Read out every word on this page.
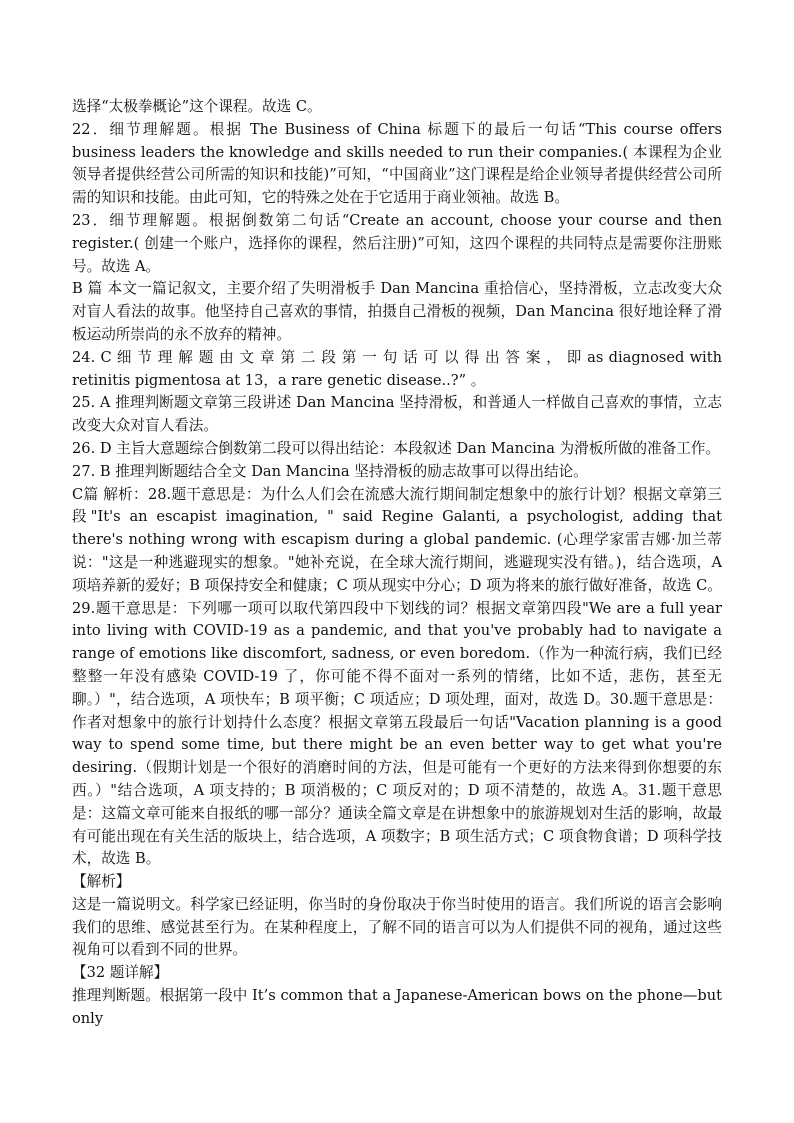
选择“太极拳概论”这个课程。故选 C。

22．细节理解题。根据 The Business of China 标题下的最后一句话“This course offers business leaders the knowledge and skills needed to run their companies.( 本课程为企业领导者提供经营公司所需的知识和技能)”可知，“中国商业”这门课程是给企业领导者提供经营公司所需的知识和技能。由此可知，它的特殊之处在于它适用于商业领袖。故选 B。

23．细节理解题。根据倒数第二句话“Create an account, choose your course and then register.( 创建一个账户，选择你的课程，然后注册)”可知，这四个课程的共同特点是需要你注册账号。故选 A。

B 篇 本文一篇记叙文，主要介绍了失明滑板手 Dan Mancina 重拾信心，坚持滑板，立志改变大众对盲人看法的故事。他坚持自己喜欢的事情，拍摄自己滑板的视频，Dan Mancina 很好地诠释了滑板运动所崇尚的永不放弃的精神。

24. C 细 节 理 解 题 由 文 章 第 二 段 第 一 句 话 可 以 得 出 答 案 ， 即 as diagnosed with retinitis pigmentosa at 13，a rare genetic disease..?” 。

25. A 推理判断题文章第三段讲述 Dan Mancina 坚持滑板，和普通人一样做自己喜欢的事情，立志改变大众对盲人看法。

26. D 主旨大意题综合倒数第二段可以得出结论：本段叙述 Dan Mancina 为滑板所做的准备工作。

27. B 推理判断题结合全文 Dan Mancina 坚持滑板的励志故事可以得出结论。

C篇 解析：28.题干意思是：为什么人们会在流感大流行期间制定想象中的旅行计划？根据文章第三段"It's an escapist imagination, " said Regine Galanti, a psychologist, adding that there's nothing wrong with escapism during a global pandemic. (心理学家雷吉娜·加兰蒂说："这是一种逃避现实的想象。"她补充说，在全球大流行期间，逃避现实没有错。)，结合选项，A 项培养新的爱好；B 项保持安全和健康；C 项从现实中分心；D 项为将来的旅行做好准备，故选 C。29.题干意思是：下列哪一项可以取代第四段中下划线的词？根据文章第四段"We are a full year into living with COVID-19 as a pandemic, and that you've probably had to navigate a range of emotions like discomfort, sadness, or even boredom.（作为一种流行病，我们已经整整一年没有感染 COVID-19 了，你可能不得不面对一系列的情绪，比如不适，悲伤，甚至无聊。）"，结合选项，A 项快车；B 项平衡；C 项适应；D 项处理，面对，故选 D。30.题干意思是：作者对想象中的旅行计划持什么态度？根据文章第五段最后一句话"Vacation planning is a good way to spend some time, but there might be an even better way to get what you're desiring.（假期计划是一个很好的消磨时间的方法，但是可能有一个更好的方法来得到你想要的东西。）"结合选项，A 项支持的；B 项消极的；C 项反对的；D 项不清楚的，故选 A。31.题干意思是：这篇文章可能来自报纸的哪一部分？通读全篇文章是在讲想象中的旅游规划对生活的影响，故最有可能出现在有关生活的版块上，结合选项，A 项数字；B 项生活方式；C 项食物食谱；D 项科学技术，故选 B。

【解析】

这是一篇说明文。科学家已经证明，你当时的身份取决于你当时使用的语言。我们所说的语言会影响我们的思维、感觉甚至行为。在某种程度上，了解不同的语言可以为人们提供不同的视角，通过这些视角可以看到不同的世界。

【32 题详解】

推理判断题。根据第一段中 It’s common that a Japanese-American bows on the phone—but only
